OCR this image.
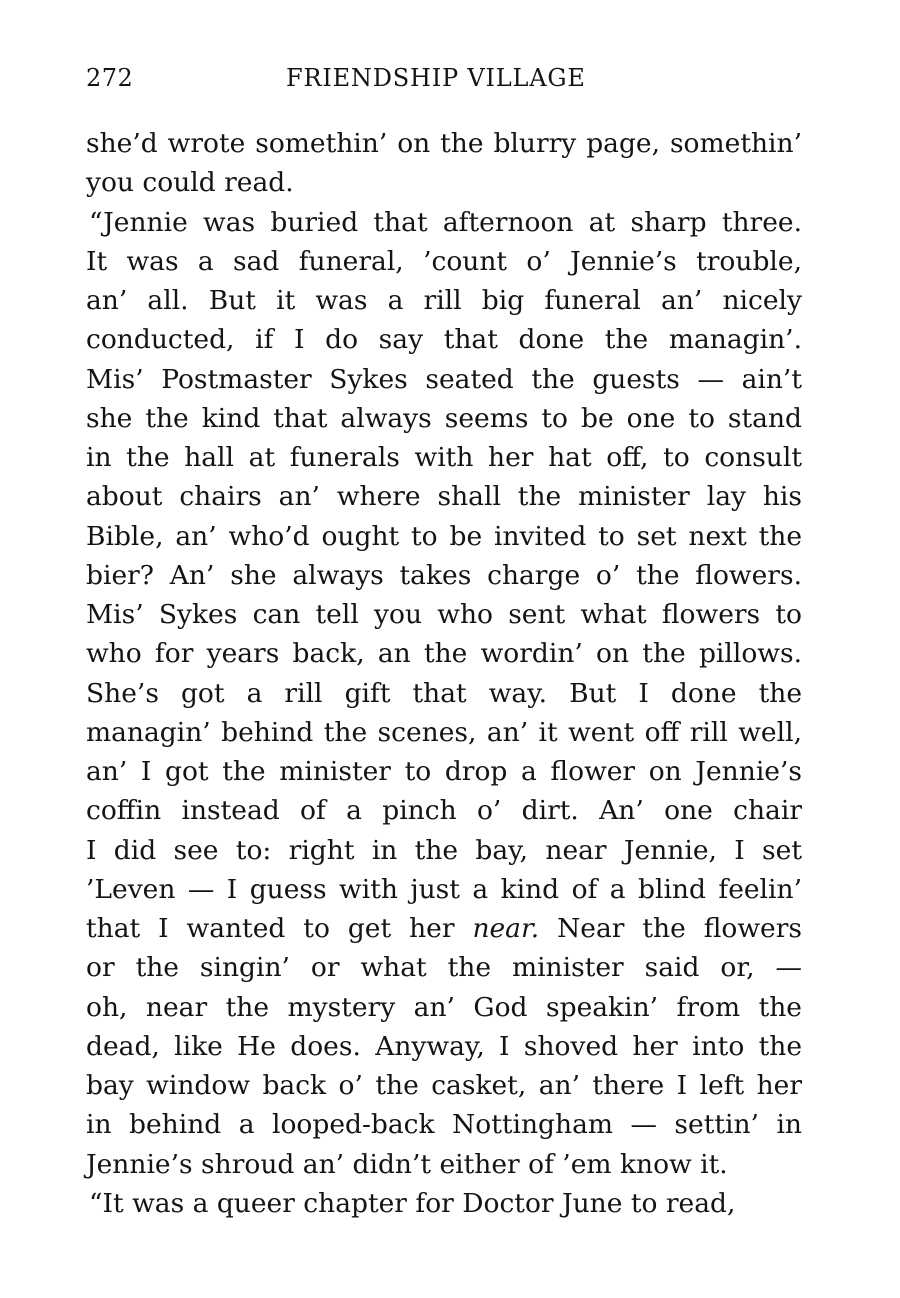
272	FRIENDSHIP VILLAGE
she’d wrote somethin’ on the blurry page, somethin’
you could read.
“Jennie was buried that afternoon at sharp three.
It was a sad funeral, ’count o’ Jennie’s trouble,
an’ all. But it was a rill big funeral an’ nicely
conducted, if I do say that done the managin’.
Mis’ Postmaster Sykes seated the guests — ain’t
she the kind that always seems to be one to stand
in the hall at funerals with her hat off, to consult
about chairs an’ where shall the minister lay his
Bible, an’ who’d ought to be invited to set next the
bier? An’ she always takes charge o’ the flowers.
Mis’ Sykes can tell you who sent what flowers to
who for years back, an the wordin’ on the pillows.
She’s got a rill gift that way. But I done the
managin’ behind the scenes, an’ it went off rill well,
an’ I got the minister to drop a flower on Jennie’s
coffin instead of a pinch o’ dirt. An’ one chair
I did see to: right in the bay, near Jennie, I set
’Leven — I guess with just a kind of a blind feelin’
that I wanted to get her near. Near the flowers
or the singin’ or what the minister said or, —
oh, near the mystery an’ God speakin’ from the
dead, like He does. Anyway, I shoved her into the
bay window back o’ the casket, an’ there I left her
in behind a looped-back Nottingham — settin’ in
Jennie’s shroud an’ didn’t either of ’em know it.
“It was a queer chapter for Doctor June to read,
